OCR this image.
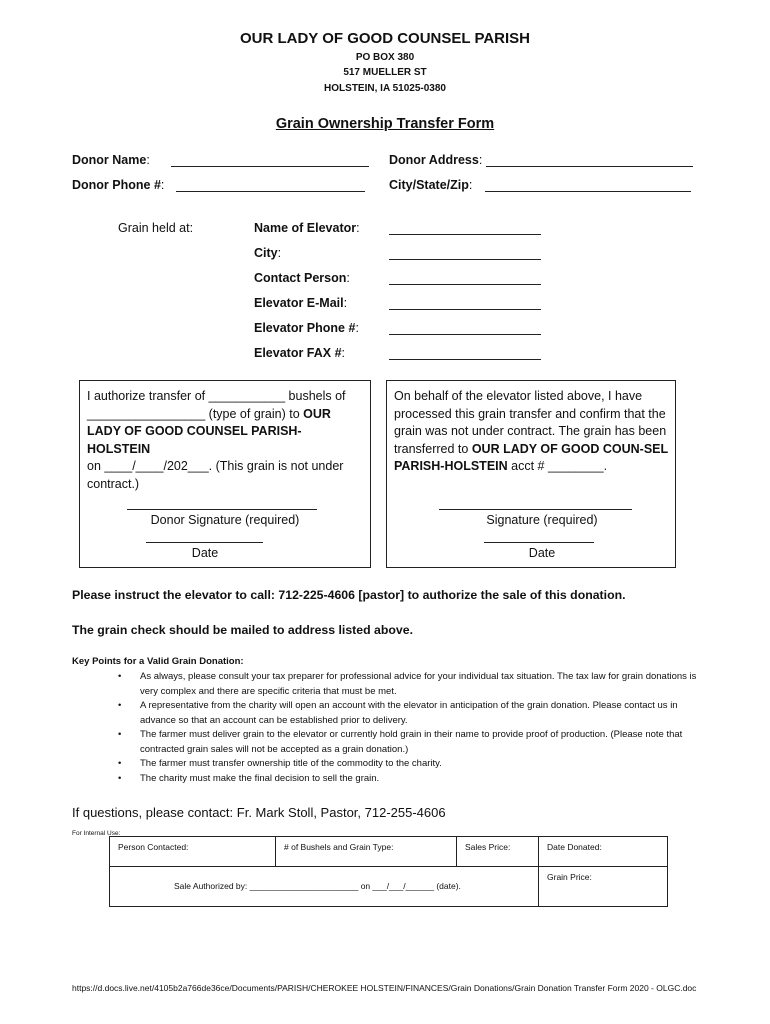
OUR LADY OF GOOD COUNSEL PARISH
PO BOX 380
517 MUELLER ST
HOLSTEIN, IA 51025-0380
Grain Ownership Transfer Form
Donor Name:	Donor Address:
Donor Phone #:	City/State/Zip:
Grain held at:	Name of Elevator:
City:
Contact Person:
Elevator E-Mail:
Elevator Phone #:
Elevator FAX #:
I authorize transfer of ___________ bushels of _________________ (type of grain) to OUR LADY OF GOOD COUNSEL PARISH-HOLSTEIN
on ____/____/202___. (This grain is not under contract.)
Donor Signature (required)
Date
On behalf of the elevator listed above, I have processed this grain transfer and confirm that the grain was not under contract. The grain has been transferred to OUR LADY OF GOOD COUN-SEL PARISH-HOLSTEIN acct # ________.
Signature (required)
Date
Please instruct the elevator to call: 712-225-4606 [pastor] to authorize the sale of this donation.
The grain check should be mailed to address listed above.
Key Points for a Valid Grain Donation:
• As always, please consult your tax preparer for professional advice for your individual tax situation. The tax law for grain donations is very complex and there are specific criteria that must be met.
• A representative from the charity will open an account with the elevator in anticipation of the grain donation. Please contact us in advance so that an account can be established prior to delivery.
• The farmer must deliver grain to the elevator or currently hold grain in their name to provide proof of production. (Please note that contracted grain sales will not be accepted as a grain donation.)
• The farmer must transfer ownership title of the commodity to the charity.
• The charity must make the final decision to sell the grain.
If questions, please contact: Fr. Mark Stoll, Pastor, 712-255-4606
For Internal Use:
Person Contacted:	# of Bushels and Grain Type:	Sales Price:	Date Donated:
Sale Authorized by: _______________________ on ___/___/______ (date).			Grain Price:
https://d.docs.live.net/4105b2a766de36ce/Documents/PARISH/CHEROKEE HOLSTEIN/FINANCES/Grain Donations/Grain Donation Transfer Form 2020 - OLGC.doc
